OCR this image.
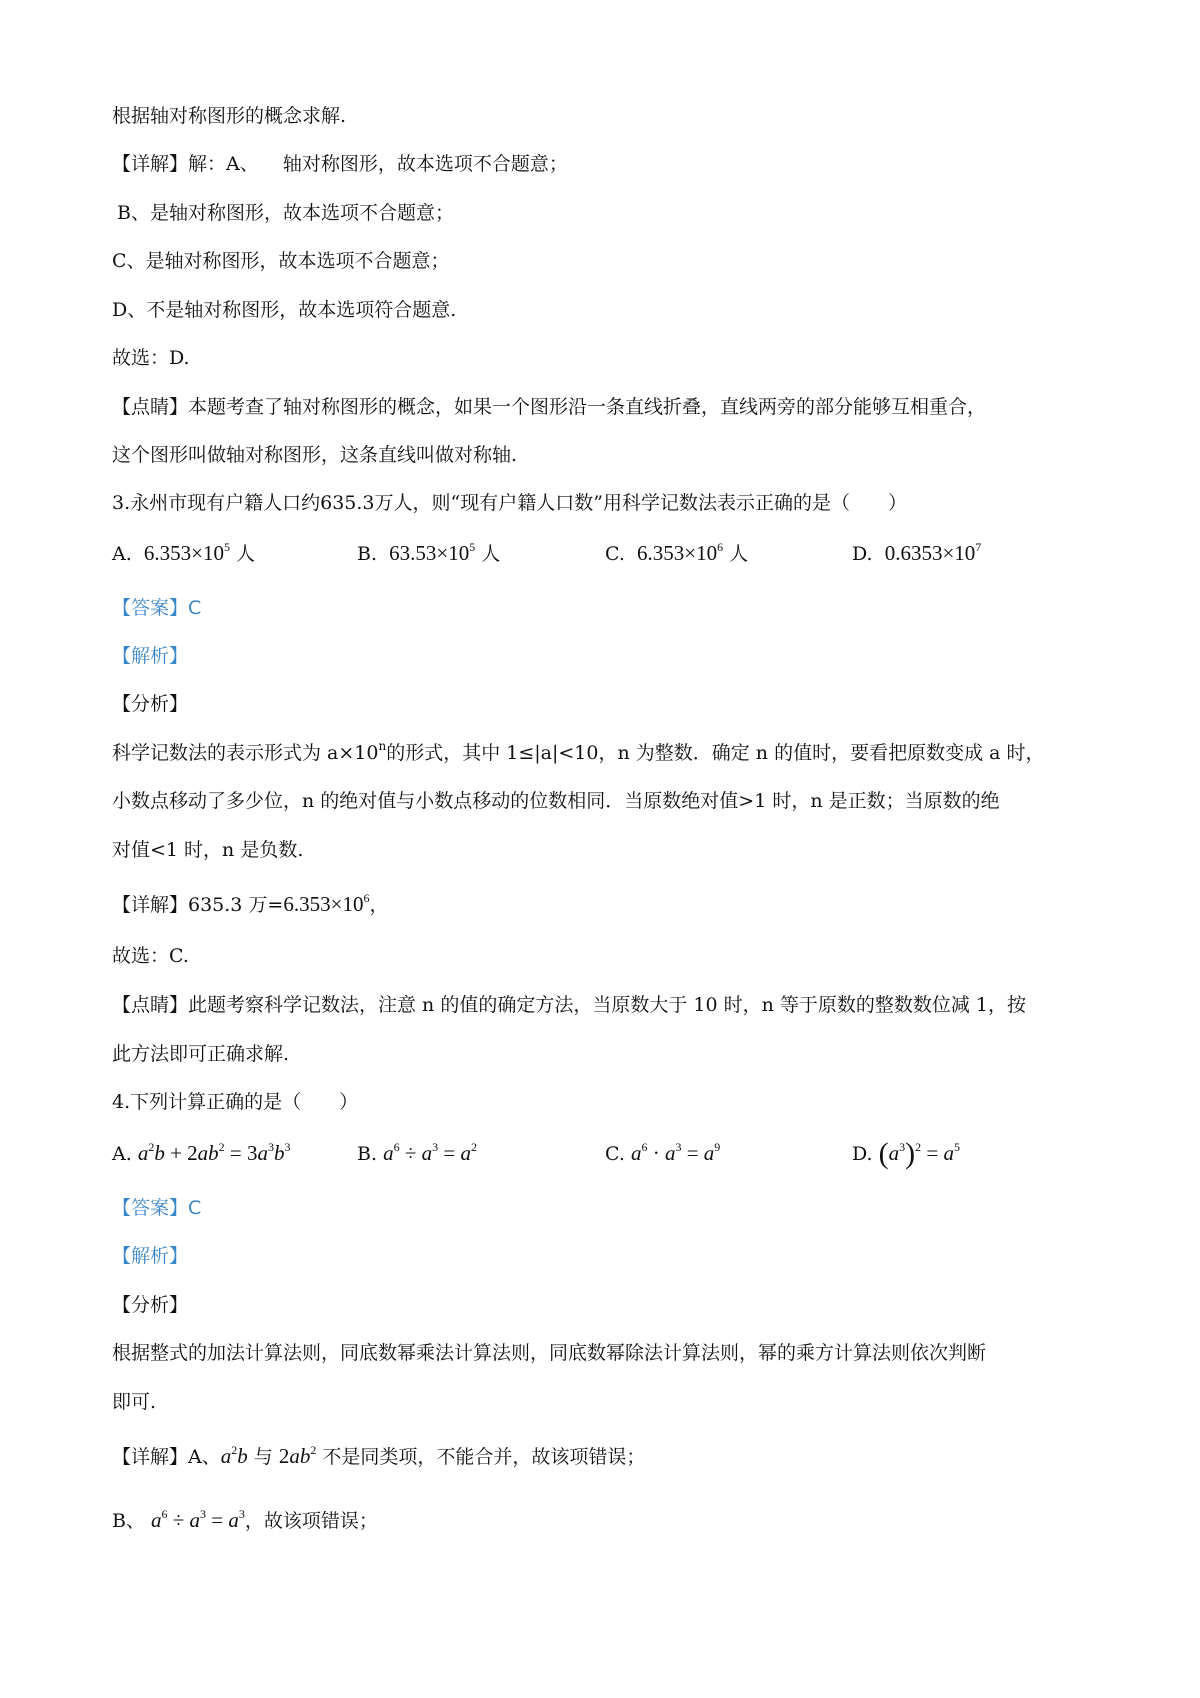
根据轴对称图形的概念求解.
【详解】解：A、    轴对称图形，故本选项不合题意；
B、是轴对称图形，故本选项不合题意；
C、是轴对称图形，故本选项不合题意；
D、不是轴对称图形，故本选项符合题意.
故选：D.
【点睛】本题考查了轴对称图形的概念，如果一个图形沿一条直线折叠，直线两旁的部分能够互相重合，
这个图形叫做轴对称图形，这条直线叫做对称轴.
3.永州市现有户籍人口约635.3万人，则“现有户籍人口数”用科学记数法表示正确的是（　　）
A. $6.353\times 10^5$ 人	B. $63.53\times 10^5$ 人	C. $6.353\times 10^6$ 人	D. $0.6353\times 10^7$
【答案】C
【解析】
【分析】
科学记数法的表示形式为 $a\times 10^n$的形式，其中 1≤|a|<10，n 为整数．确定 n 的值时，要看把原数变成 a 时，
小数点移动了多少位，n 的绝对值与小数点移动的位数相同．当原数绝对值>1 时，n 是正数；当原数的绝
对值<1 时，n 是负数.
【详解】635.3 万$=6.353\times 10^6$，
故选：C.
【点睛】此题考察科学记数法，注意 n 的值的确定方法，当原数大于 10 时，n 等于原数的整数数位减 1，按
此方法即可正确求解.
4.下列计算正确的是（　　）
A. $a^2b + 2ab^2 = 3a^3b^3$	B. $a^6 \div a^3 = a^2$	C. $a^6 \cdot a^3 = a^9$	D. $(a^3)^2 = a^5$
【答案】C
【解析】
【分析】
根据整式的加法计算法则，同底数幂乘法计算法则，同底数幂除法计算法则，幂的乘方计算法则依次判断
即可.
【详解】A、$a^2b$ 与 $2ab^2$ 不是同类项，不能合并，故该项错误；
B、 $a^6 \div a^3 = a^3$，故该项错误；
